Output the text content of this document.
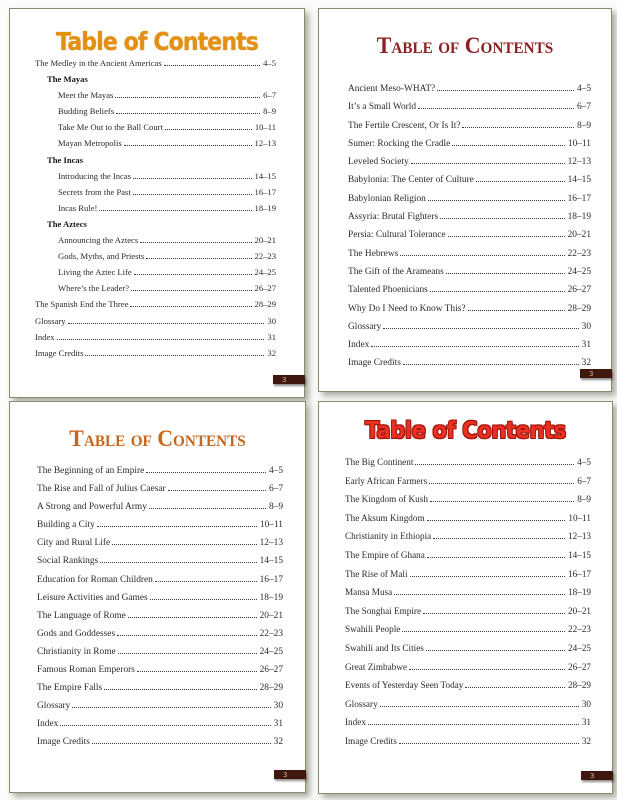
Table of Contents
The Medley in the Ancient Americas	4–5
The Mayas
Meet the Mayas	6–7
Budding Beliefs	8–9
Take Me Out to the Ball Court	10–11
Mayan Metropolis	12–13
The Incas
Introducing the Incas	14–15
Secrets from the Past	16–17
Incas Rule!	18–19
The Aztecs
Announcing the Aztecs	20–21
Gods, Myths, and Priests	22–23
Living the Aztec Life	24–25
Where’s the Leader?	26–27
The Spanish End the Three	28–29
Glossary	30
Index	31
Image Credits	32
3
Table of Contents
Ancient Meso-WHAT?	4–5
It’s a Small World	6–7
The Fertile Crescent, Or Is It?	8–9
Sumer: Rocking the Cradle	10–11
Leveled Society	12–13
Babylonia: The Center of Culture	14–15
Babylonian Religion	16–17
Assyria: Brutal Fighters	18–19
Persia: Cultural Tolerance	20–21
The Hebrews	22–23
The Gift of the Arameans	24–25
Talented Phoenicians	26–27
Why Do I Need to Know This?	28–29
Glossary	30
Index	31
Image Credits	32
3
Table of Contents
The Beginning of an Empire	4–5
The Rise and Fall of Julius Caesar	6–7
A Strong and Powerful Army	8–9
Building a City	10–11
City and Rural Life	12–13
Social Rankings	14–15
Education for Roman Children	16–17
Leisure Activities and Games	18–19
The Language of Rome	20–21
Gods and Goddesses	22–23
Christianity in Rome	24–25
Famous Roman Emperors	26–27
The Empire Falls	28–29
Glossary	30
Index	31
Image Credits	32
3
Table of Contents
The Big Continent	4–5
Early African Farmers	6–7
The Kingdom of Kush	8–9
The Aksum Kingdom	10–11
Christianity in Ethiopia	12–13
The Empire of Ghana	14–15
The Rise of Mali	16–17
Mansa Musa	18–19
The Songhai Empire	20–21
Swahili People	22–23
Swahili and Its Cities	24–25
Great Zimbabwe	26–27
Events of Yesterday Seen Today	28–29
Glossary	30
Index	31
Image Credits	32
3
